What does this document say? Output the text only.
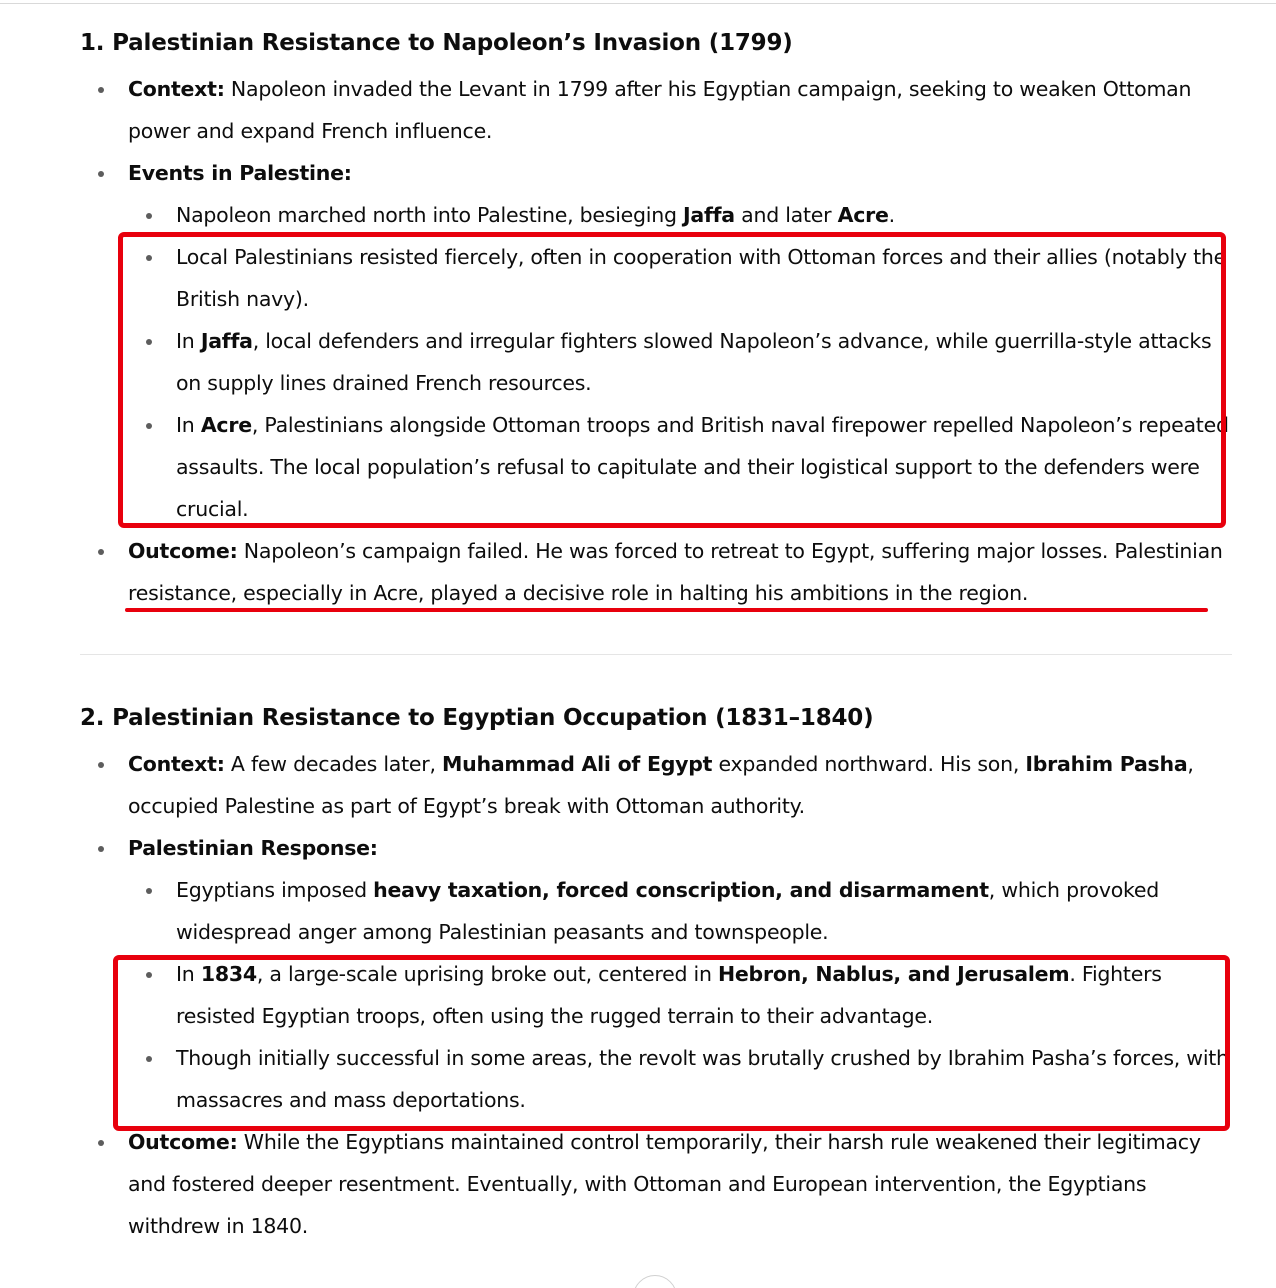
1. Palestinian Resistance to Napoleon’s Invasion (1799)
Context: Napoleon invaded the Levant in 1799 after his Egyptian campaign, seeking to weaken Ottoman power and expand French influence.
Events in Palestine:
Napoleon marched north into Palestine, besieging Jaffa and later Acre.
Local Palestinians resisted fiercely, often in cooperation with Ottoman forces and their allies (notably the British navy).
In Jaffa, local defenders and irregular fighters slowed Napoleon’s advance, while guerrilla-style attacks on supply lines drained French resources.
In Acre, Palestinians alongside Ottoman troops and British naval firepower repelled Napoleon’s repeated assaults. The local population’s refusal to capitulate and their logistical support to the defenders were crucial.
Outcome: Napoleon’s campaign failed. He was forced to retreat to Egypt, suffering major losses. Palestinian resistance, especially in Acre, played a decisive role in halting his ambitions in the region.
2. Palestinian Resistance to Egyptian Occupation (1831–1840)
Context: A few decades later, Muhammad Ali of Egypt expanded northward. His son, Ibrahim Pasha, occupied Palestine as part of Egypt’s break with Ottoman authority.
Palestinian Response:
Egyptians imposed heavy taxation, forced conscription, and disarmament, which provoked widespread anger among Palestinian peasants and townspeople.
In 1834, a large-scale uprising broke out, centered in Hebron, Nablus, and Jerusalem. Fighters resisted Egyptian troops, often using the rugged terrain to their advantage.
Though initially successful in some areas, the revolt was brutally crushed by Ibrahim Pasha’s forces, with massacres and mass deportations.
Outcome: While the Egyptians maintained control temporarily, their harsh rule weakened their legitimacy and fostered deeper resentment. Eventually, with Ottoman and European intervention, the Egyptians withdrew in 1840.
